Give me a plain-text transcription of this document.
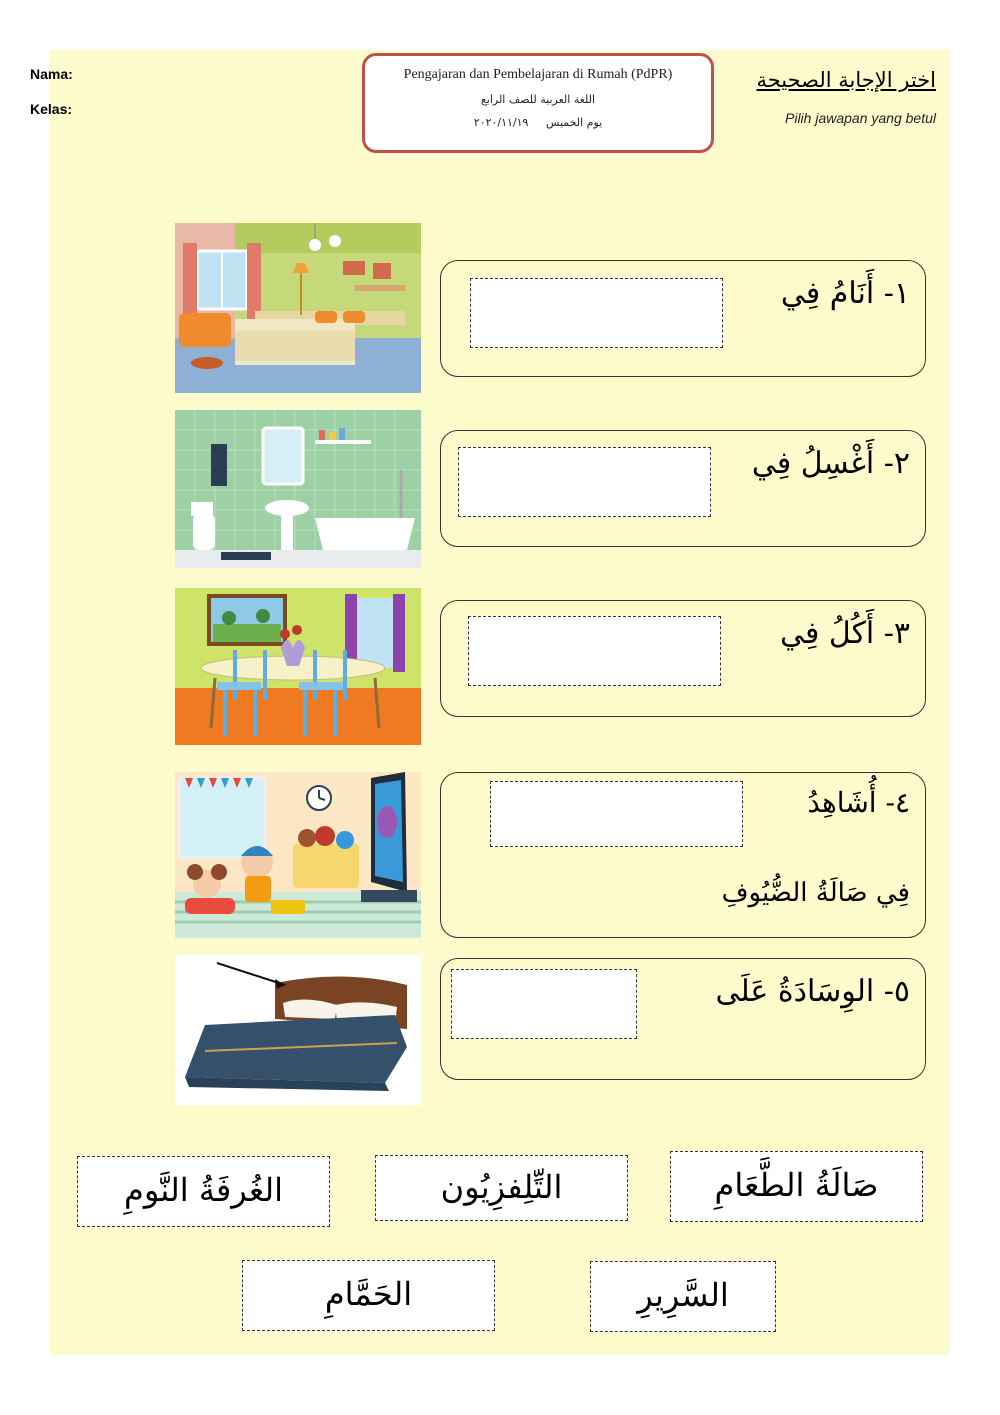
Nama:
Kelas:
Pengajaran dan Pembelajaran di Rumah (PdPR)
اللغة العربية للصف الرابع
يوم الخميس     ٢٠٢٠/١١/١٩
اختر الإجابة الصحيحة
Pilih jawapan yang betul
١- أَنَامُ فِي
٢- أَغْسِلُ فِي
٣- أَكُلُ فِي
٤- أُشَاهِدُ
فِي صَالَةُ الضُّيُوفِ
٥- الوِسَادَةُ عَلَى
الغُرفَةُ النَّومِ	التِّلِفزِيُون	صَالَةُ الطَّعَامِ
الحَمَّامِ	السَّرِيرِ
